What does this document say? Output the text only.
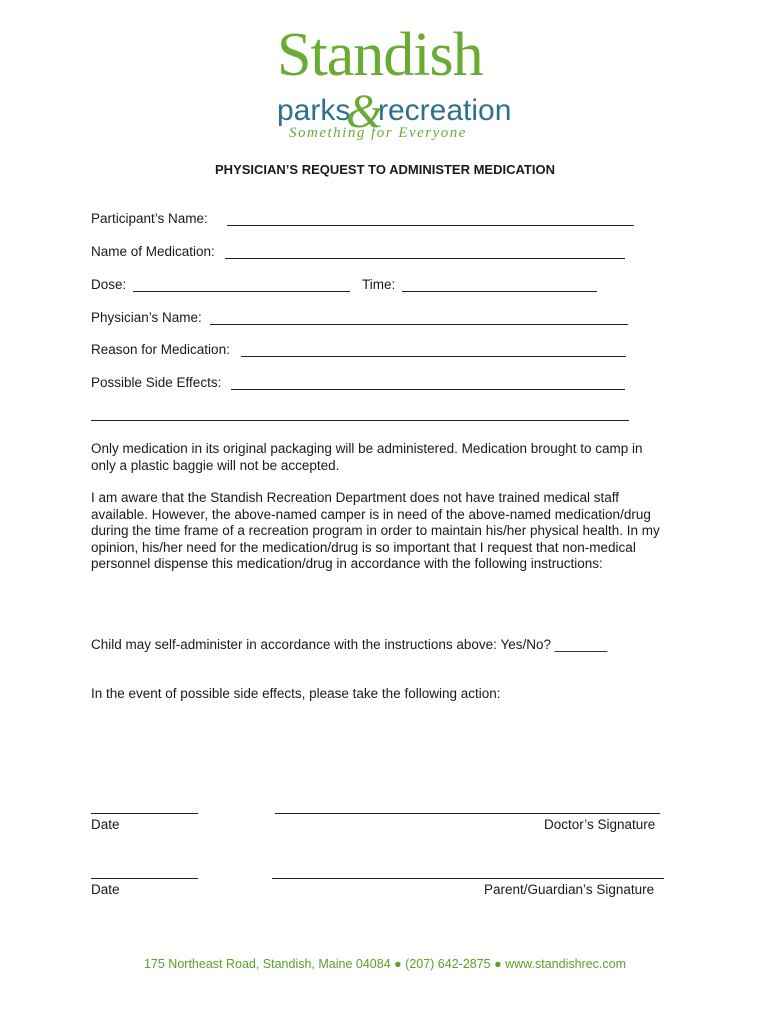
Standish
parks
&
recreation
Something for Everyone
PHYSICIAN’S REQUEST TO ADMINISTER MEDICATION
Participant’s Name:
Name of Medication:
Dose:	Time:
Physician’s Name:
Reason for Medication:
Possible Side Effects:
Only medication in its original packaging will be administered. Medication brought to camp in only a plastic baggie will not be accepted.
I am aware that the Standish Recreation Department does not have trained medical staff available. However, the above-named camper is in need of the above-named medication/drug during the time frame of a recreation program in order to maintain his/her physical health. In my opinion, his/her need for the medication/drug is so important that I request that non-medical personnel dispense this medication/drug in accordance with the following instructions:
Child may self-administer in accordance with the instructions above: Yes/No? _______
In the event of possible side effects, please take the following action:
Date	Doctor’s Signature
Date	Parent/Guardian’s Signature
175 Northeast Road, Standish, Maine 04084 ● (207) 642-2875 ● www.standishrec.com
